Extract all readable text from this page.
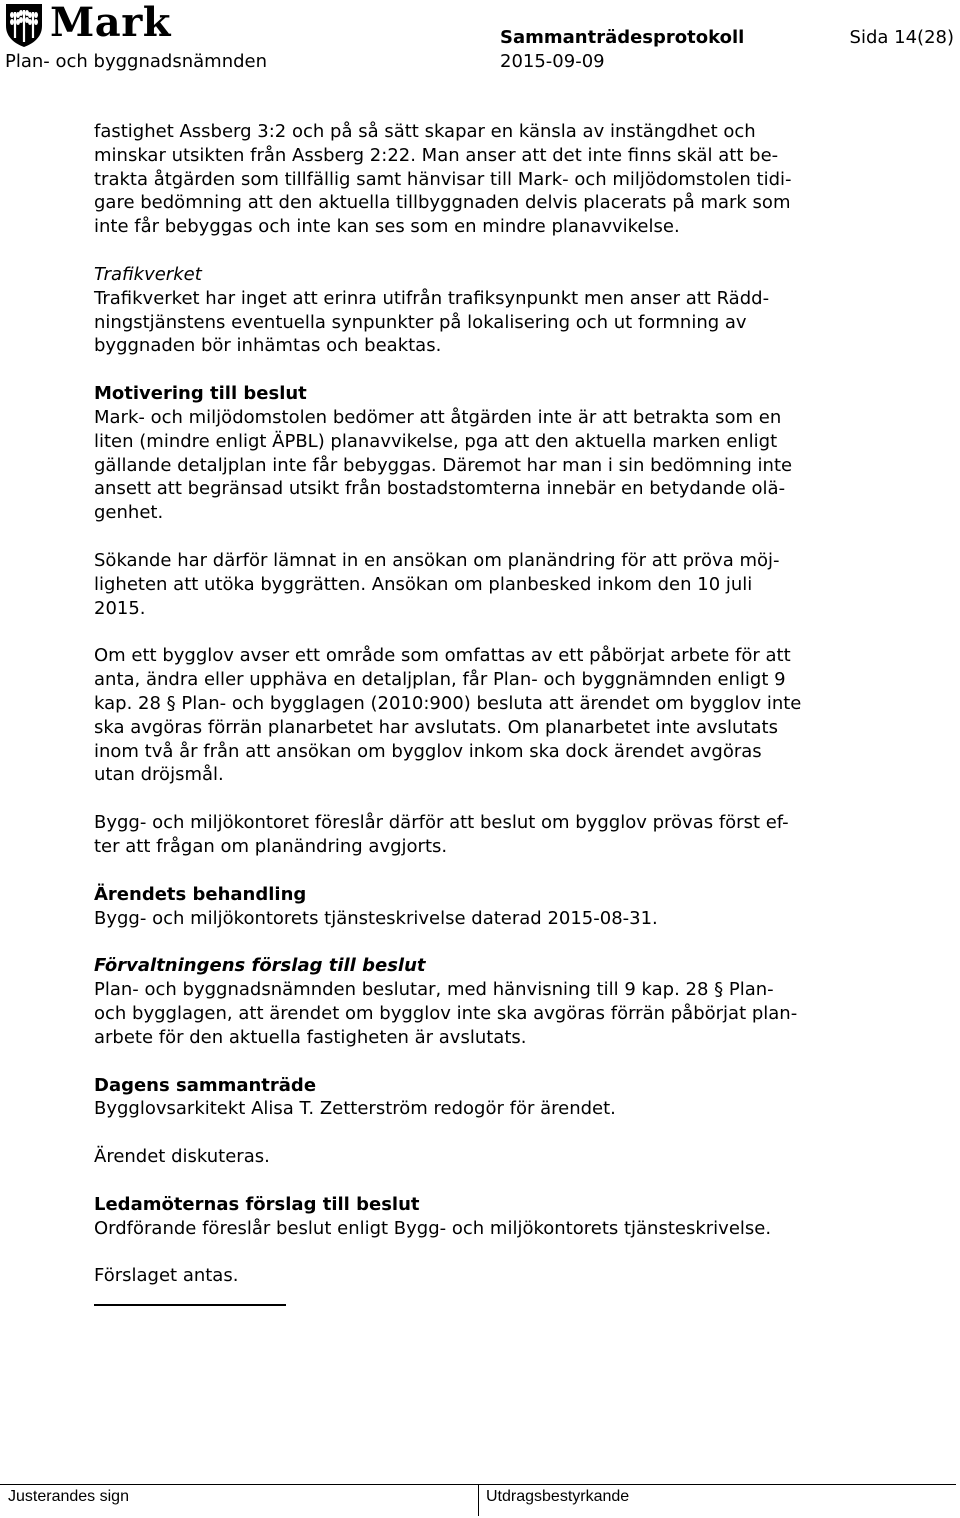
Mark
Plan- och byggnadsnämnden
Sammanträdesprotokoll	Sida 14(28)
2015-09-09

fastighet Assberg 3:2 och på så sätt skapar en känsla av instängdhet och
minskar utsikten från Assberg 2:22. Man anser att det inte finns skäl att be-
trakta åtgärden som tillfällig samt hänvisar till Mark- och miljödomstolen tidi-
gare bedömning att den aktuella tillbyggnaden delvis placerats på mark som
inte får bebyggas och inte kan ses som en mindre planavvikelse.

Trafikverket
Trafikverket har inget att erinra utifrån trafiksynpunkt men anser att Rädd-
ningstjänstens eventuella synpunkter på lokalisering och ut formning av
byggnaden bör inhämtas och beaktas.

Motivering till beslut
Mark- och miljödomstolen bedömer att åtgärden inte är att betrakta som en
liten (mindre enligt ÄPBL) planavvikelse, pga att den aktuella marken enligt
gällande detaljplan inte får bebyggas. Däremot har man i sin bedömning inte
ansett att begränsad utsikt från bostadstomterna innebär en betydande olä-
genhet.

Sökande har därför lämnat in en ansökan om planändring för att pröva möj-
ligheten att utöka byggrätten. Ansökan om planbesked inkom den 10 juli
2015.

Om ett bygglov avser ett område som omfattas av ett påbörjat arbete för att
anta, ändra eller upphäva en detaljplan, får Plan- och byggnämnden enligt 9
kap. 28 § Plan- och bygglagen (2010:900) besluta att ärendet om bygglov inte
ska avgöras förrän planarbetet har avslutats. Om planarbetet inte avslutats
inom två år från att ansökan om bygglov inkom ska dock ärendet avgöras
utan dröjsmål.

Bygg- och miljökontoret föreslår därför att beslut om bygglov prövas först ef-
ter att frågan om planändring avgjorts.

Ärendets behandling
Bygg- och miljökontorets tjänsteskrivelse daterad 2015-08-31.

Förvaltningens förslag till beslut
Plan- och byggnadsnämnden beslutar, med hänvisning till 9 kap. 28 § Plan-
och bygglagen, att ärendet om bygglov inte ska avgöras förrän påbörjat plan-
arbete för den aktuella fastigheten är avslutats.

Dagens sammanträde
Bygglovsarkitekt Alisa T. Zetterström redogör för ärendet.

Ärendet diskuteras.

Ledamöternas förslag till beslut
Ordförande föreslår beslut enligt Bygg- och miljökontorets tjänsteskrivelse.

Förslaget antas.

Justerandes sign	Utdragsbestyrkande
